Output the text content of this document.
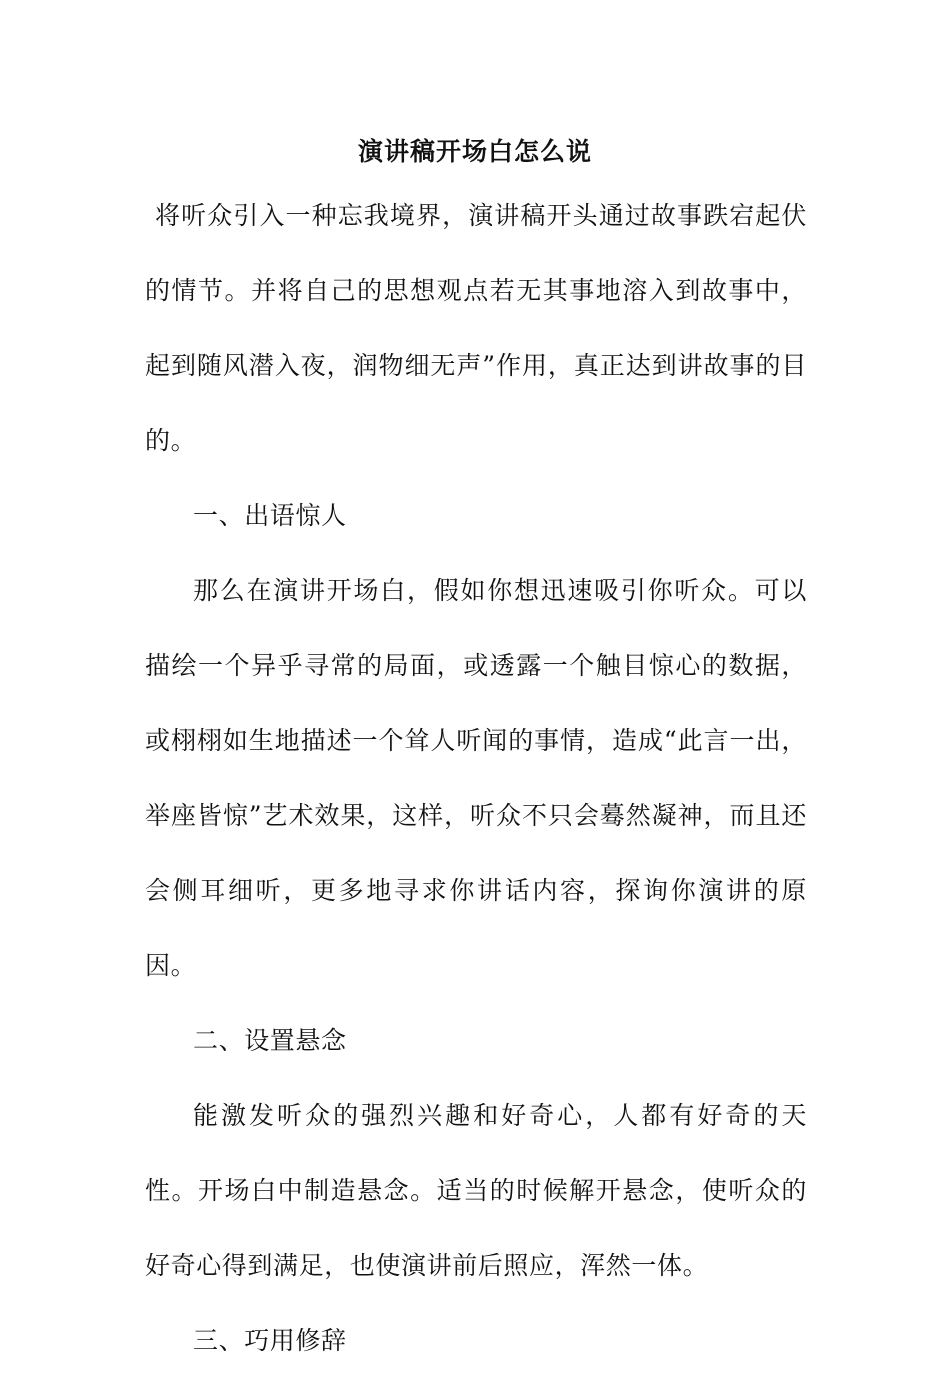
演讲稿开场白怎么说

将听众引入一种忘我境界，演讲稿开头通过故事跌宕起伏的情节。并将自己的思想观点若无其事地溶入到故事中，起到随风潜入夜，润物细无声”作用，真正达到讲故事的目的。

一、出语惊人

那么在演讲开场白，假如你想迅速吸引你听众。可以描绘一个异乎寻常的局面，或透露一个触目惊心的数据，或栩栩如生地描述一个耸人听闻的事情，造成“此言一出，举座皆惊”艺术效果，这样，听众不只会蓦然凝神，而且还会侧耳细听，更多地寻求你讲话内容，探询你演讲的原因。

二、设置悬念

能激发听众的强烈兴趣和好奇心，人都有好奇的天性。开场白中制造悬念。适当的时候解开悬念，使听众的好奇心得到满足，也使演讲前后照应，浑然一体。

三、巧用修辞
